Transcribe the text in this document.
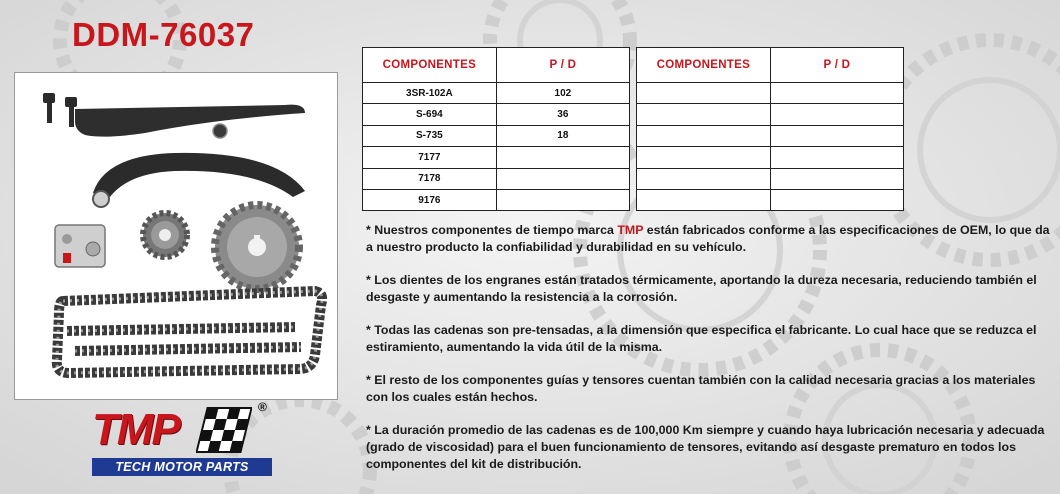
DDM-76037
TMP	®
TECH MOTOR PARTS
COMPONENTES	P / D
3SR-102A	102
S-694	36
S-735	18
7177	
7178	
9176	
COMPONENTES	P / D

* Nuestros componentes de tiempo marca TMP están fabricados conforme a las especificaciones de OEM, lo que da a nuestro producto la confiabilidad y durabilidad en su vehículo.

* Los dientes de los engranes están tratados térmicamente, aportando la dureza necesaria, reduciendo también el desgaste y aumentando la resistencia a la corrosión.

* Todas las cadenas son pre-tensadas, a la dimensión que especifica el fabricante. Lo cual hace que se reduzca el estiramiento, aumentando la vida útil de la misma.

* El resto de los componentes guías y tensores cuentan también con la calidad necesaria gracias a los materiales con los cuales están hechos.

* La duración promedio de las cadenas es de 100,000 Km siempre y cuando haya lubricación necesaria y adecuada (grado de viscosidad) para el buen funcionamiento de tensores, evitando así desgaste prematuro en todos los componentes del kit de distribución.
